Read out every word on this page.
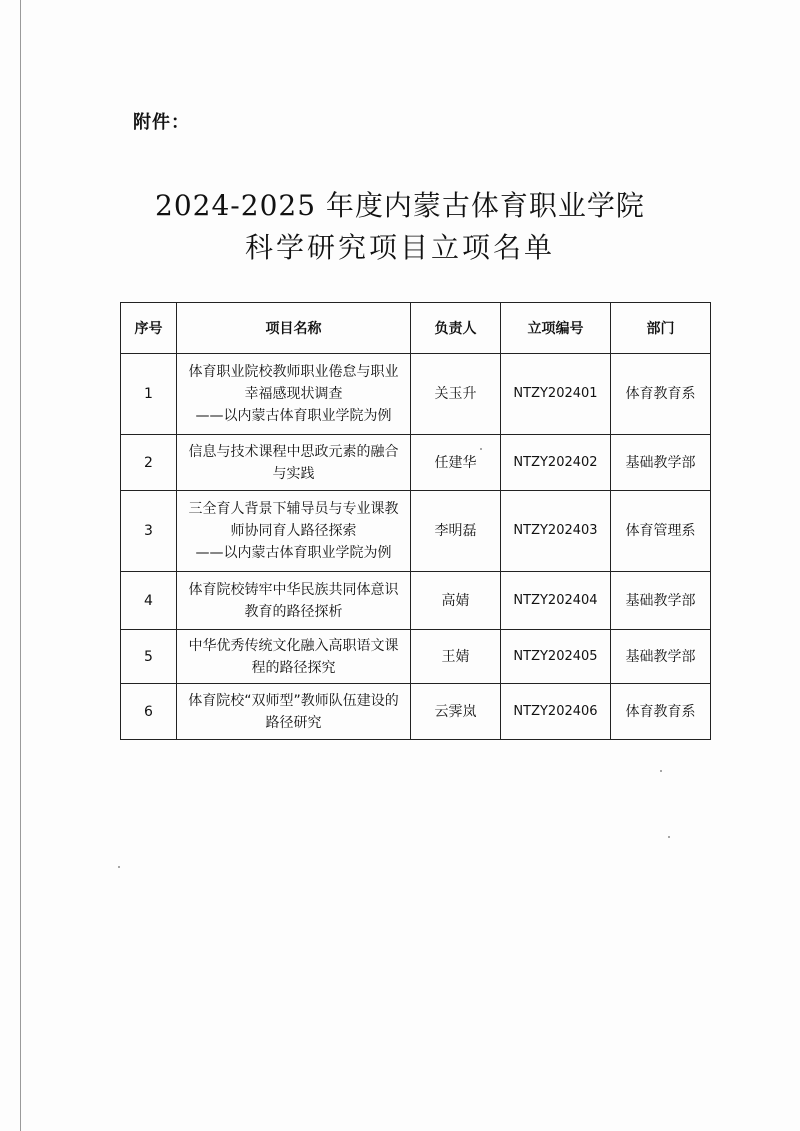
附件：
2024-2025 年度内蒙古体育职业学院
科学研究项目立项名单
序号	项目名称	负责人	立项编号	部门
1	体育职业院校教师职业倦怠与职业
幸福感现状调查
——以内蒙古体育职业学院为例	关玉升	NTZY202401	体育教育系
2	信息与技术课程中思政元素的融合
与实践	任建华	NTZY202402	基础教学部
3	三全育人背景下辅导员与专业课教
师协同育人路径探索
——以内蒙古体育职业学院为例	李明磊	NTZY202403	体育管理系
4	体育院校铸牢中华民族共同体意识
教育的路径探析	高婧	NTZY202404	基础教学部
5	中华优秀传统文化融入高职语文课
程的路径探究	王婧	NTZY202405	基础教学部
6	体育院校“双师型”教师队伍建设的
路径研究	云霁岚	NTZY202406	体育教育系
